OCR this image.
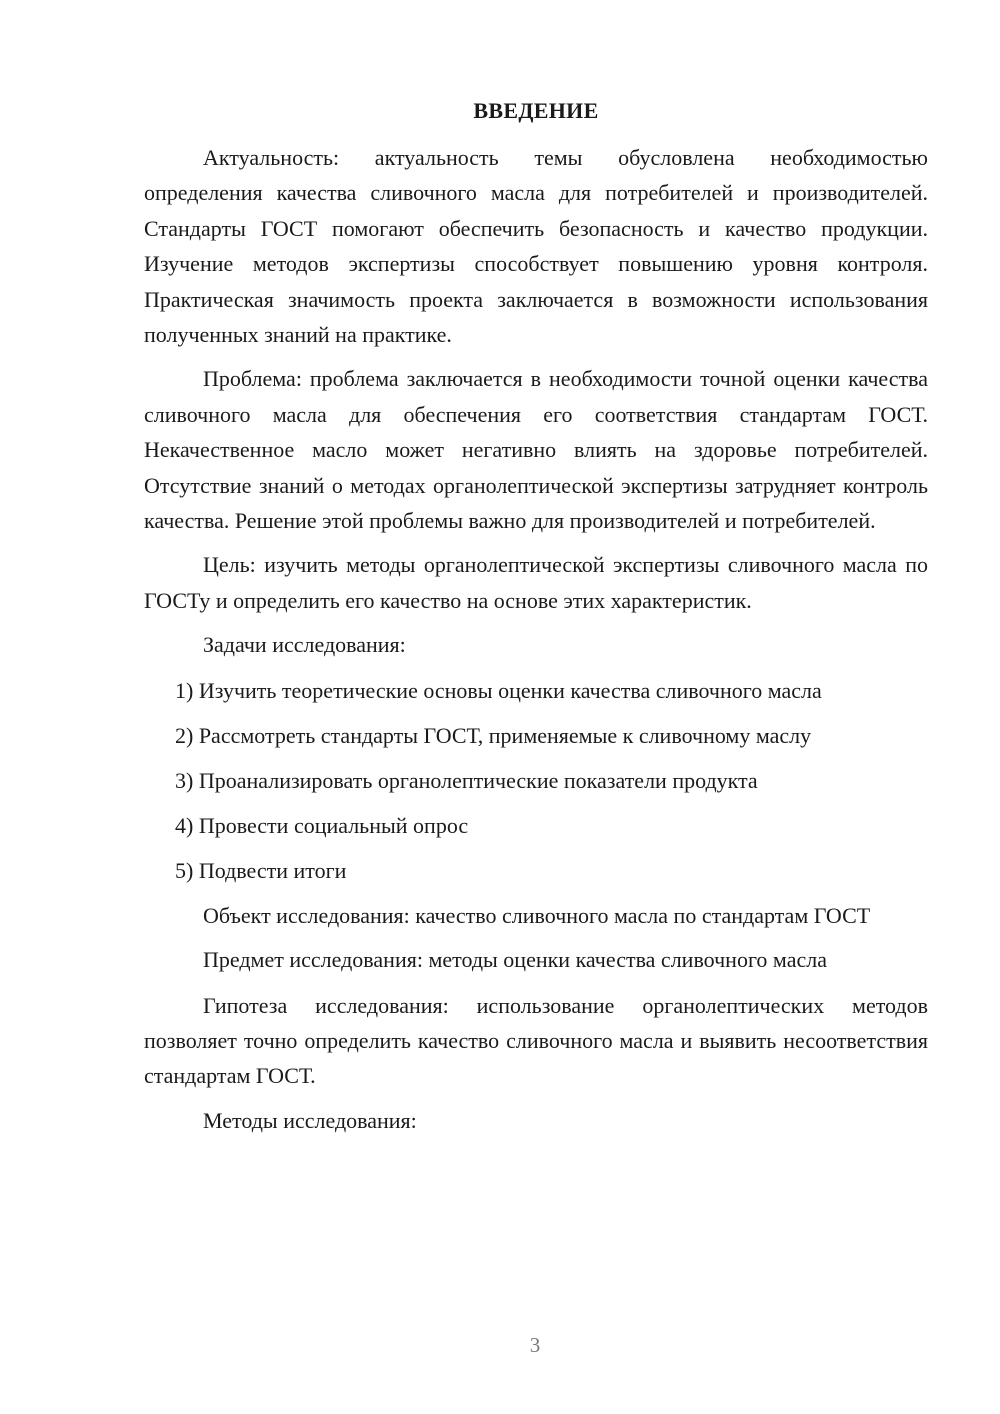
ВВЕДЕНИЕ

Актуальность: актуальность темы обусловлена необходимостью определения качества сливочного масла для потребителей и производителей. Стандарты ГОСТ помогают обеспечить безопасность и качество продукции. Изучение методов экспертизы способствует повышению уровня контроля. Практическая значимость проекта заключается в возможности использования полученных знаний на практике.

Проблема: проблема заключается в необходимости точной оценки качества сливочного масла для обеспечения его соответствия стандартам ГОСТ. Некачественное масло может негативно влиять на здоровье потребителей. Отсутствие знаний о методах органолептической экспертизы затрудняет контроль качества. Решение этой проблемы важно для производителей и потребителей.

Цель: изучить методы органолептической экспертизы сливочного масла по ГОСТу и определить его качество на основе этих характеристик.

Задачи исследования:

1) Изучить теоретические основы оценки качества сливочного масла
2) Рассмотреть стандарты ГОСТ, применяемые к сливочному маслу
3) Проанализировать органолептические показатели продукта
4) Провести социальный опрос
5) Подвести итоги

Объект исследования: качество сливочного масла по стандартам ГОСТ

Предмет исследования: методы оценки качества сливочного масла

Гипотеза исследования: использование органолептических методов позволяет точно определить качество сливочного масла и выявить несоответствия стандартам ГОСТ.

Методы исследования:

3
